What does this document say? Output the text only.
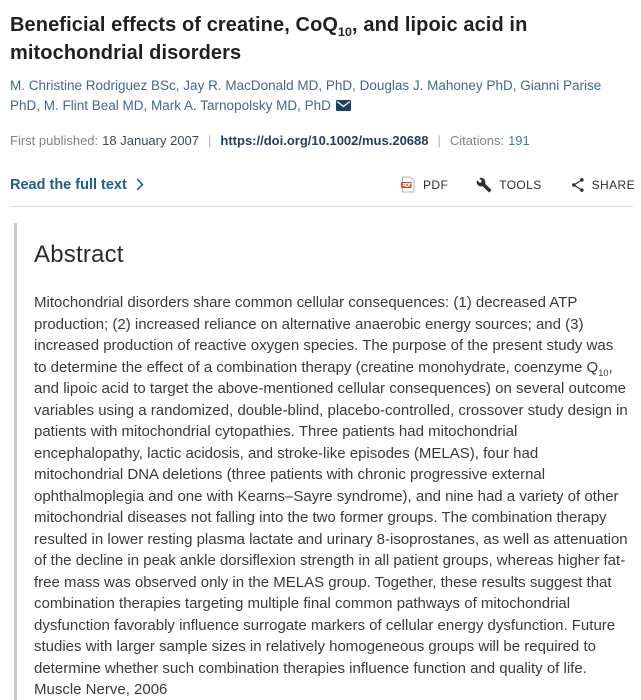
Beneficial effects of creatine, CoQ$_{10}$, and lipoic acid in mitochondrial disorders
M. Christine Rodriguez BSc, Jay R. MacDonald MD, PhD, Douglas J. Mahoney PhD, Gianni Parise PhD, M. Flint Beal MD, Mark A. Tarnopolsky MD, PhD
First published: 18 January 2007 | https://doi.org/10.1002/mus.20688 | Citations: 191
Read the full text	PDF	TOOLS	SHARE
Abstract

Mitochondrial disorders share common cellular consequences: (1) decreased ATP production; (2) increased reliance on alternative anaerobic energy sources; and (3) increased production of reactive oxygen species. The purpose of the present study was to determine the effect of a combination therapy (creatine monohydrate, coenzyme $Q_{10}$, and lipoic acid to target the above-mentioned cellular consequences) on several outcome variables using a randomized, double-blind, placebo-controlled, crossover study design in patients with mitochondrial cytopathies. Three patients had mitochondrial encephalopathy, lactic acidosis, and stroke-like episodes (MELAS), four had mitochondrial DNA deletions (three patients with chronic progressive external ophthalmoplegia and one with Kearns–Sayre syndrome), and nine had a variety of other mitochondrial diseases not falling into the two former groups. The combination therapy resulted in lower resting plasma lactate and urinary 8-isoprostanes, as well as attenuation of the decline in peak ankle dorsiflexion strength in all patient groups, whereas higher fat-free mass was observed only in the MELAS group. Together, these results suggest that combination therapies targeting multiple final common pathways of mitochondrial dysfunction favorably influence surrogate markers of cellular energy dysfunction. Future studies with larger sample sizes in relatively homogeneous groups will be required to determine whether such combination therapies influence function and quality of life.

Muscle Nerve, 2006
